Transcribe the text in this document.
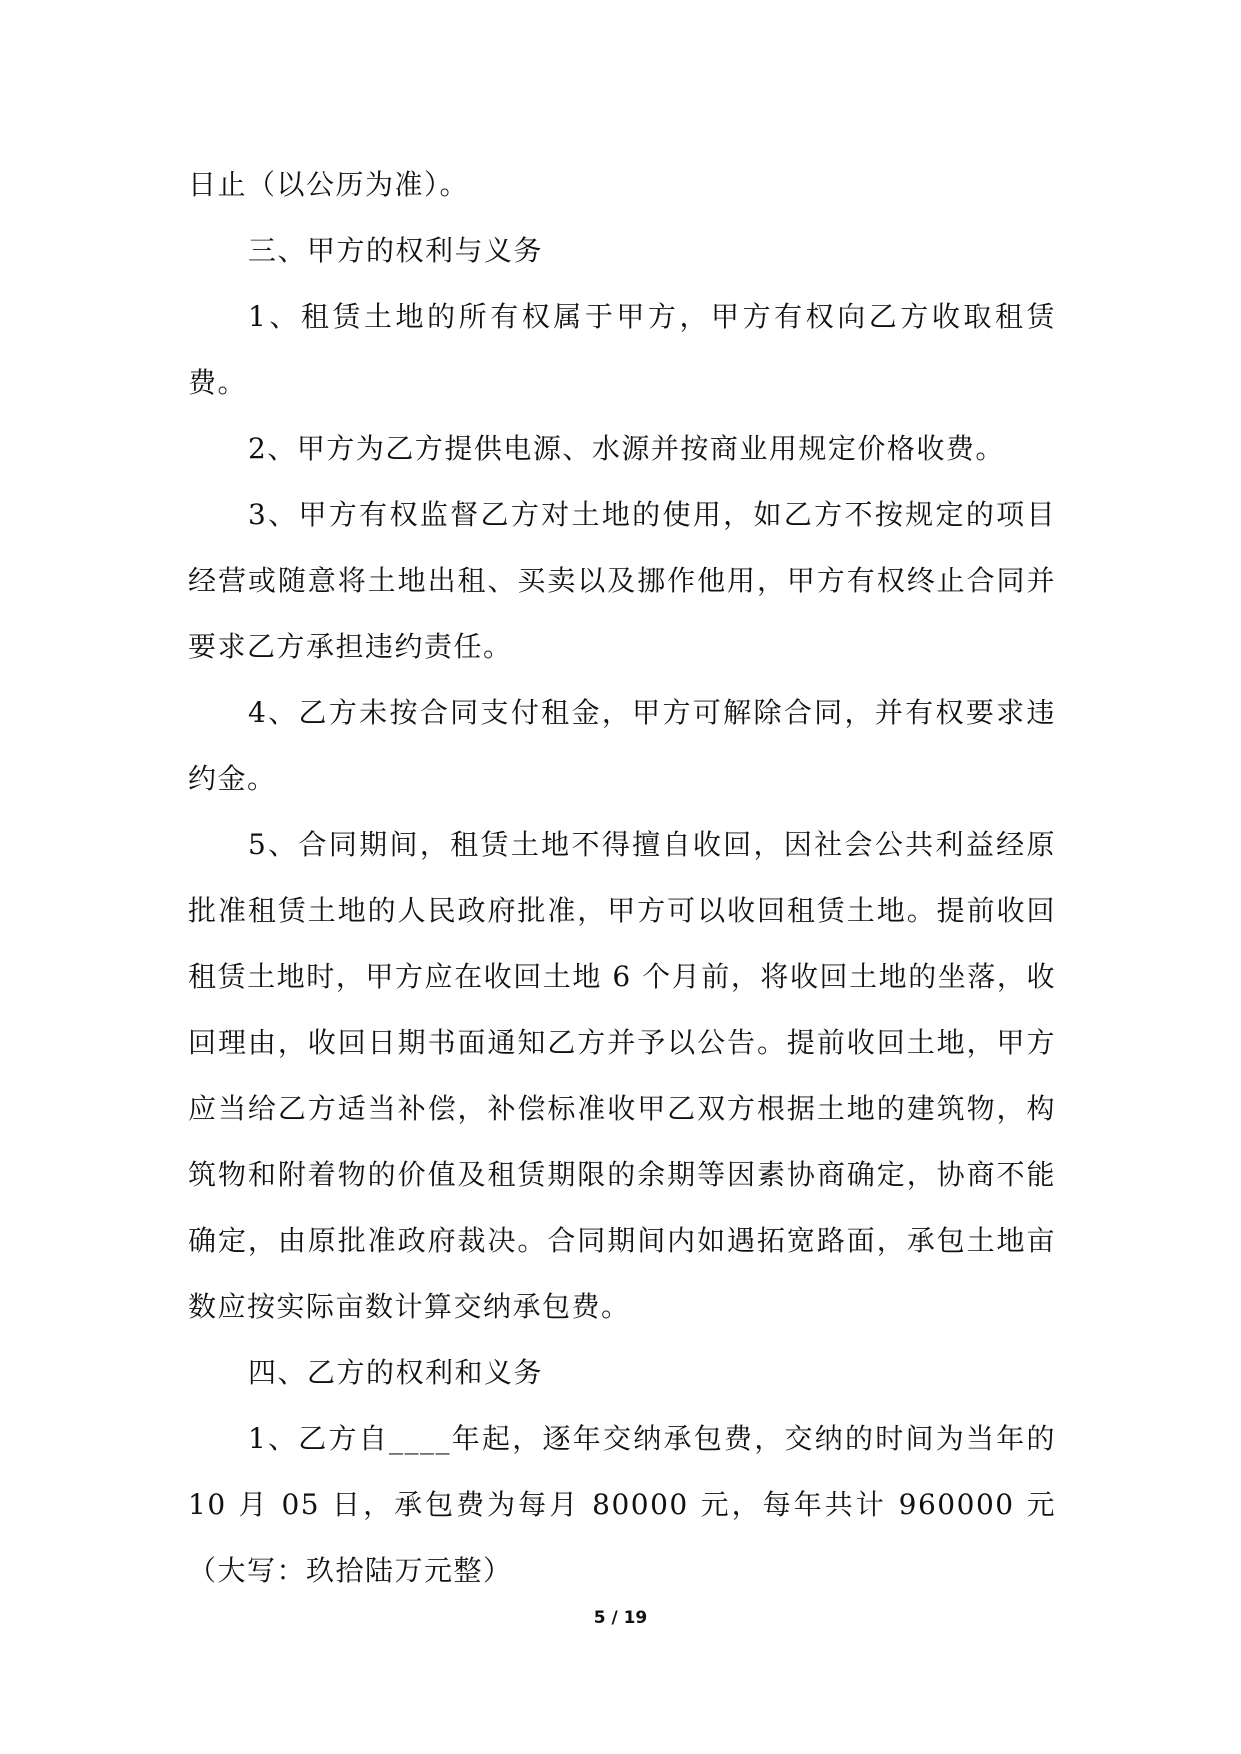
日止（以公历为准）。

三、甲方的权利与义务

1、租赁土地的所有权属于甲方，甲方有权向乙方收取租赁费。

2、甲方为乙方提供电源、水源并按商业用规定价格收费。

3、甲方有权监督乙方对土地的使用，如乙方不按规定的项目经营或随意将土地出租、买卖以及挪作他用，甲方有权终止合同并要求乙方承担违约责任。

4、乙方未按合同支付租金，甲方可解除合同，并有权要求违约金。

5、合同期间，租赁土地不得擅自收回，因社会公共利益经原批准租赁土地的人民政府批准，甲方可以收回租赁土地。提前收回租赁土地时，甲方应在收回土地 6 个月前，将收回土地的坐落，收回理由，收回日期书面通知乙方并予以公告。提前收回土地，甲方应当给乙方适当补偿，补偿标准收甲乙双方根据土地的建筑物，构筑物和附着物的价值及租赁期限的余期等因素协商确定，协商不能确定，由原批准政府裁决。合同期间内如遇拓宽路面，承包土地亩数应按实际亩数计算交纳承包费。

四、乙方的权利和义务

1、乙方自____年起，逐年交纳承包费，交纳的时间为当年的 10 月 05 日，承包费为每月 80000 元，每年共计 960000 元（大写：玖拾陆万元整）

5 / 19
